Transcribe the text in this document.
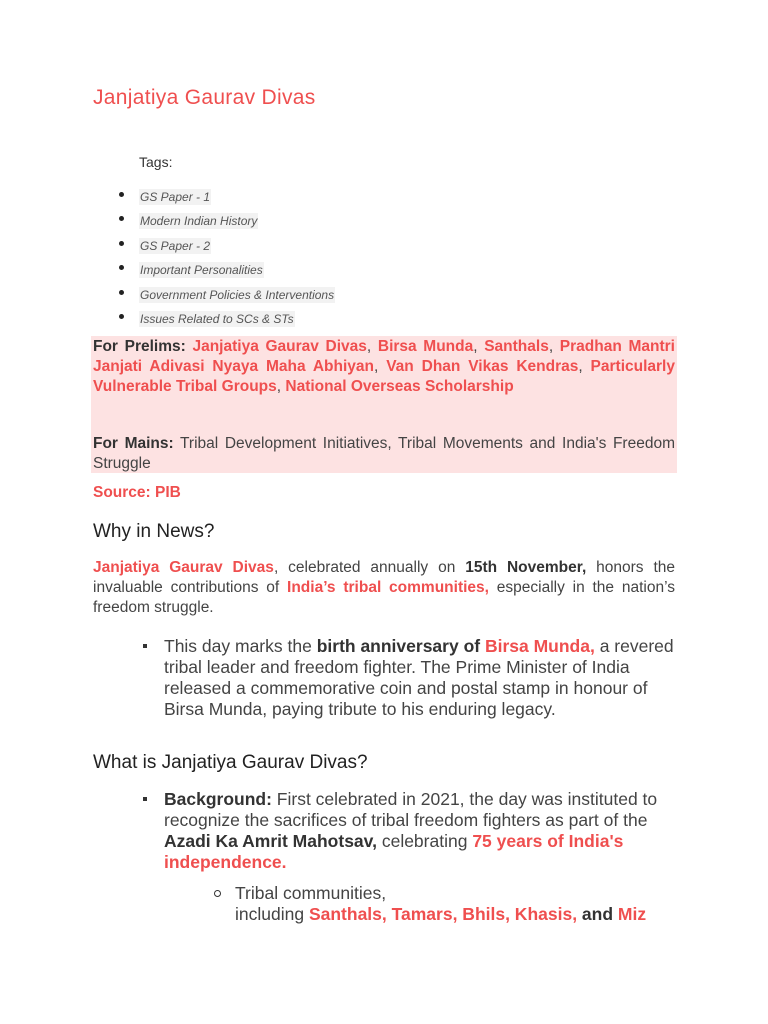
Janjatiya Gaurav Divas
Tags:
GS Paper - 1
Modern Indian History
GS Paper - 2
Important Personalities
Government Policies & Interventions
Issues Related to SCs & STs
For Prelims: Janjatiya Gaurav Divas, Birsa Munda, Santhals, Pradhan Mantri Janjati Adivasi Nyaya Maha Abhiyan, Van Dhan Vikas Kendras, Particularly Vulnerable Tribal Groups, National Overseas Scholarship
For Mains: Tribal Development Initiatives, Tribal Movements and India's Freedom Struggle
Source: PIB
Why in News?
Janjatiya Gaurav Divas, celebrated annually on 15th November, honors the invaluable contributions of India’s tribal communities, especially in the nation’s freedom struggle.
This day marks the birth anniversary of Birsa Munda, a revered tribal leader and freedom fighter. The Prime Minister of India released a commemorative coin and postal stamp in honour of Birsa Munda, paying tribute to his enduring legacy.
What is Janjatiya Gaurav Divas?
Background: First celebrated in 2021, the day was instituted to recognize the sacrifices of tribal freedom fighters as part of the Azadi Ka Amrit Mahotsav, celebrating 75 years of India's independence.
Tribal communities,
including Santhals, Tamars, Bhils, Khasis, and Miz
